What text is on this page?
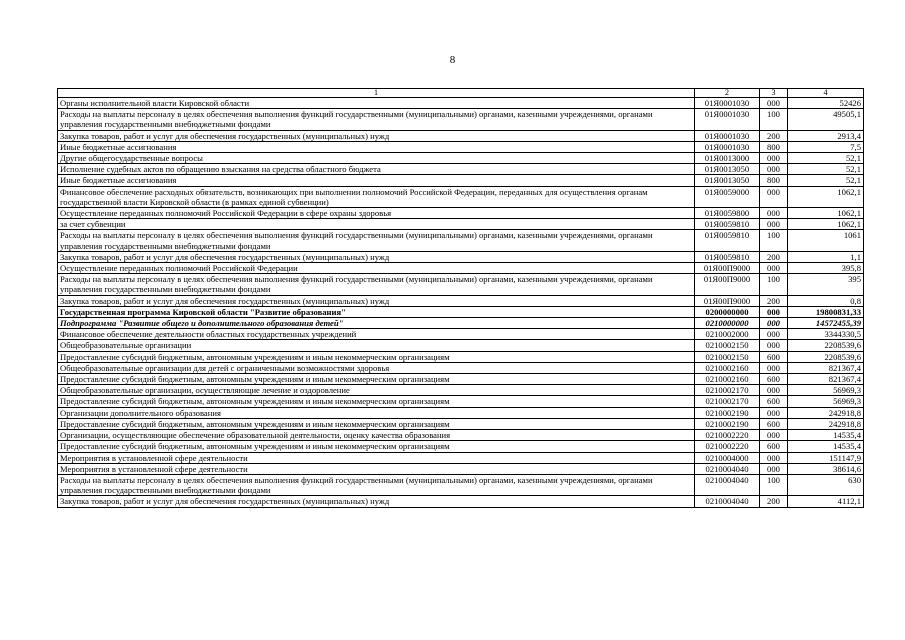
8
1	2	3	4
Органы исполнительной власти Кировской области	01Я0001030	000	52426
Расходы на выплаты персоналу в целях обеспечения выполнения функций государственными (муниципальными) органами, казенными учреждениями, органами управления государственными внебюджетными фондами	01Я0001030	100	49505,1
Закупка товаров, работ и услуг для обеспечения государственных (муниципальных) нужд	01Я0001030	200	2913,4
Иные бюджетные ассигнования	01Я0001030	800	7,5
Другие общегосударственные вопросы	01Я0013000	000	52,1
Исполнение судебных актов по обращению взыскания на средства областного бюджета	01Я0013050	000	52,1
Иные бюджетные ассигнования	01Я0013050	800	52,1
Финансовое обеспечение расходных обязательств, возникающих при выполнении полномочий Российской Федерации, переданных для осуществления органам государственной власти Кировской области (в рамках единой субвенции)	01Я0059000	000	1062,1
Осуществление переданных полномочий Российской Федерации в сфере охраны здоровья	01Я0059800	000	1062,1
за счет субвенции	01Я0059810	000	1062,1
Расходы на выплаты персоналу в целях обеспечения выполнения функций государственными (муниципальными) органами, казенными учреждениями, органами управления государственными внебюджетными фондами	01Я0059810	100	1061
Закупка товаров, работ и услуг для обеспечения государственных (муниципальных) нужд	01Я0059810	200	1,1
Осуществление переданных полномочий Российской Федерации	01Я00П9000	000	395,8
Расходы на выплаты персоналу в целях обеспечения выполнения функций государственными (муниципальными) органами, казенными учреждениями, органами управления государственными внебюджетными фондами	01Я00П9000	100	395
Закупка товаров, работ и услуг для обеспечения государственных (муниципальных) нужд	01Я00П9000	200	0,8
Государственная программа Кировской области "Развитие образования"	0200000000	000	19800831,33
Подпрограмма "Развитие общего и дополнительного образования детей"	0210000000	000	14572455,39
Финансовое обеспечение деятельности областных государственных учреждений	0210002000	000	3344330,5
Общеобразовательные организации	0210002150	000	2208539,6
Предоставление субсидий бюджетным, автономным учреждениям и иным некоммерческим организациям	0210002150	600	2208539,6
Общеобразовательные организации для детей с ограниченными возможностями здоровья	0210002160	000	821367,4
Предоставление субсидий бюджетным, автономным учреждениям и иным некоммерческим организациям	0210002160	600	821367,4
Общеобразовательные организации, осуществляющие лечение и оздоровление	0210002170	000	56969,3
Предоставление субсидий бюджетным, автономным учреждениям и иным некоммерческим организациям	0210002170	600	56969,3
Организации дополнительного образования	0210002190	000	242918,8
Предоставление субсидий бюджетным, автономным учреждениям и иным некоммерческим организациям	0210002190	600	242918,8
Организации, осуществляющие обеспечение образовательной деятельности, оценку качества образования	0210002220	000	14535,4
Предоставление субсидий бюджетным, автономным учреждениям и иным некоммерческим организациям	0210002220	600	14535,4
Мероприятия в установленной сфере деятельности	0210004000	000	151147,9
Мероприятия в установленной сфере деятельности	0210004040	000	38614,6
Расходы на выплаты персоналу в целях обеспечения выполнения функций государственными (муниципальными) органами, казенными учреждениями, органами управления государственными внебюджетными фондами	0210004040	100	630
Закупка товаров, работ и услуг для обеспечения государственных (муниципальных) нужд	0210004040	200	4112,1
